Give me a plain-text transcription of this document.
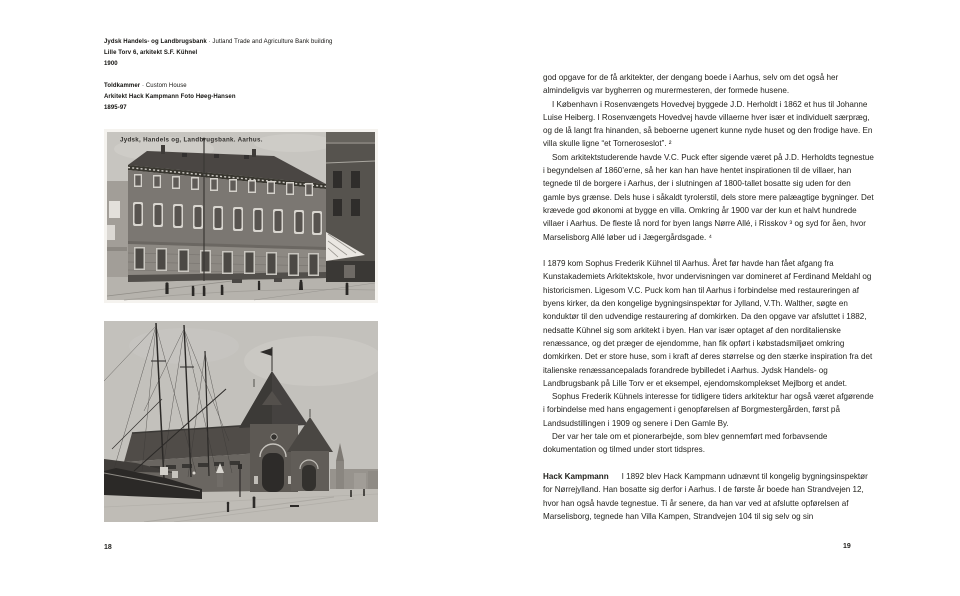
Jydsk Handels- og Landbrugsbank · Jutland Trade and Agriculture Bank building
Lille Torv 6, arkitekt S.F. Kühnel
1900
Toldkammer · Custom House
Arkitekt Hack Kampmann Foto Høeg-Hansen
1895-97
Jydsk, Handels og, Landbrugsbank. Aarhus.
18

god opgave for de få arkitekter, der dengang boede i Aarhus, selv om det også her almindeligvis var bygherren og murermesteren, der formede husene.

I København i Rosenvængets Hovedvej byggede J.D. Herholdt i 1862 et hus til Johanne Luise Heiberg. I Rosenvængets Hovedvej havde villaerne hver især et individuelt særpræg, og de lå langt fra hinanden, så beboerne ugenert kunne nyde huset og den frodige have. En villa skulle ligne “et Torneroseslot”. ²

Som arkitektstuderende havde V.C. Puck efter sigende været på J.D. Herholdts tegnestue i begyndelsen af 1860’erne, så her kan han have hentet inspirationen til de villaer, han tegnede til de borgere i Aarhus, der i slutningen af 1800-tallet bosatte sig uden for den gamle bys grænse. Dels huse i såkaldt tyrolerstil, dels store mere palæagtige bygninger. Det krævede god økonomi at bygge en villa. Omkring år 1900 var der kun et halvt hundrede villaer i Aarhus. De fleste lå nord for byen langs Nørre Allé, i Risskov ³ og syd for åen, hvor Marselisborg Allé løber ud i Jægergårdsgade. ⁴

I 1879 kom Sophus Frederik Kühnel til Aarhus. Året før havde han fået afgang fra Kunstakademiets Arkitektskole, hvor undervisningen var domineret af Ferdinand Meldahl og historicismen. Ligesom V.C. Puck kom han til Aarhus i forbindelse med restaureringen af byens kirker, da den kongelige bygningsinspektør for Jylland, V.Th. Walther, søgte en konduktør til den udvendige restaurering af domkirken. Da den opgave var afsluttet i 1882, nedsatte Kühnel sig som arkitekt i byen. Han var især optaget af den norditalienske renæssance, og det præger de ejendomme, han fik opført i købstadsmiljøet omkring domkirken. Det er store huse, som i kraft af deres størrelse og den stærke inspiration fra det italienske renæssancepalads forandrede bybilledet i Aarhus. Jydsk Handels- og Landbrugsbank på Lille Torv er et eksempel, ejendomskomplekset Mejlborg et andet.

Sophus Frederik Kühnels interesse for tidligere tiders arkitektur har også været afgørende i forbindelse med hans engagement i genopførelsen af Borgmestergården, først på Landsudstillingen i 1909 og senere i Den Gamle By.

Der var her tale om et pionerarbejde, som blev gennemført med forbavsende dokumentation og tilmed under stort tidspres.

Hack Kampmann I 1892 blev Hack Kampmann udnævnt til kongelig bygningsinspektør for Nørrejylland. Han bosatte sig derfor i Aarhus. I de første år boede han Strandvejen 12, hvor han også havde tegnestue. Ti år senere, da han var ved at afslutte opførelsen af Marselisborg, tegnede han Villa Kampen, Strandvejen 104 til sig selv og sin

19
